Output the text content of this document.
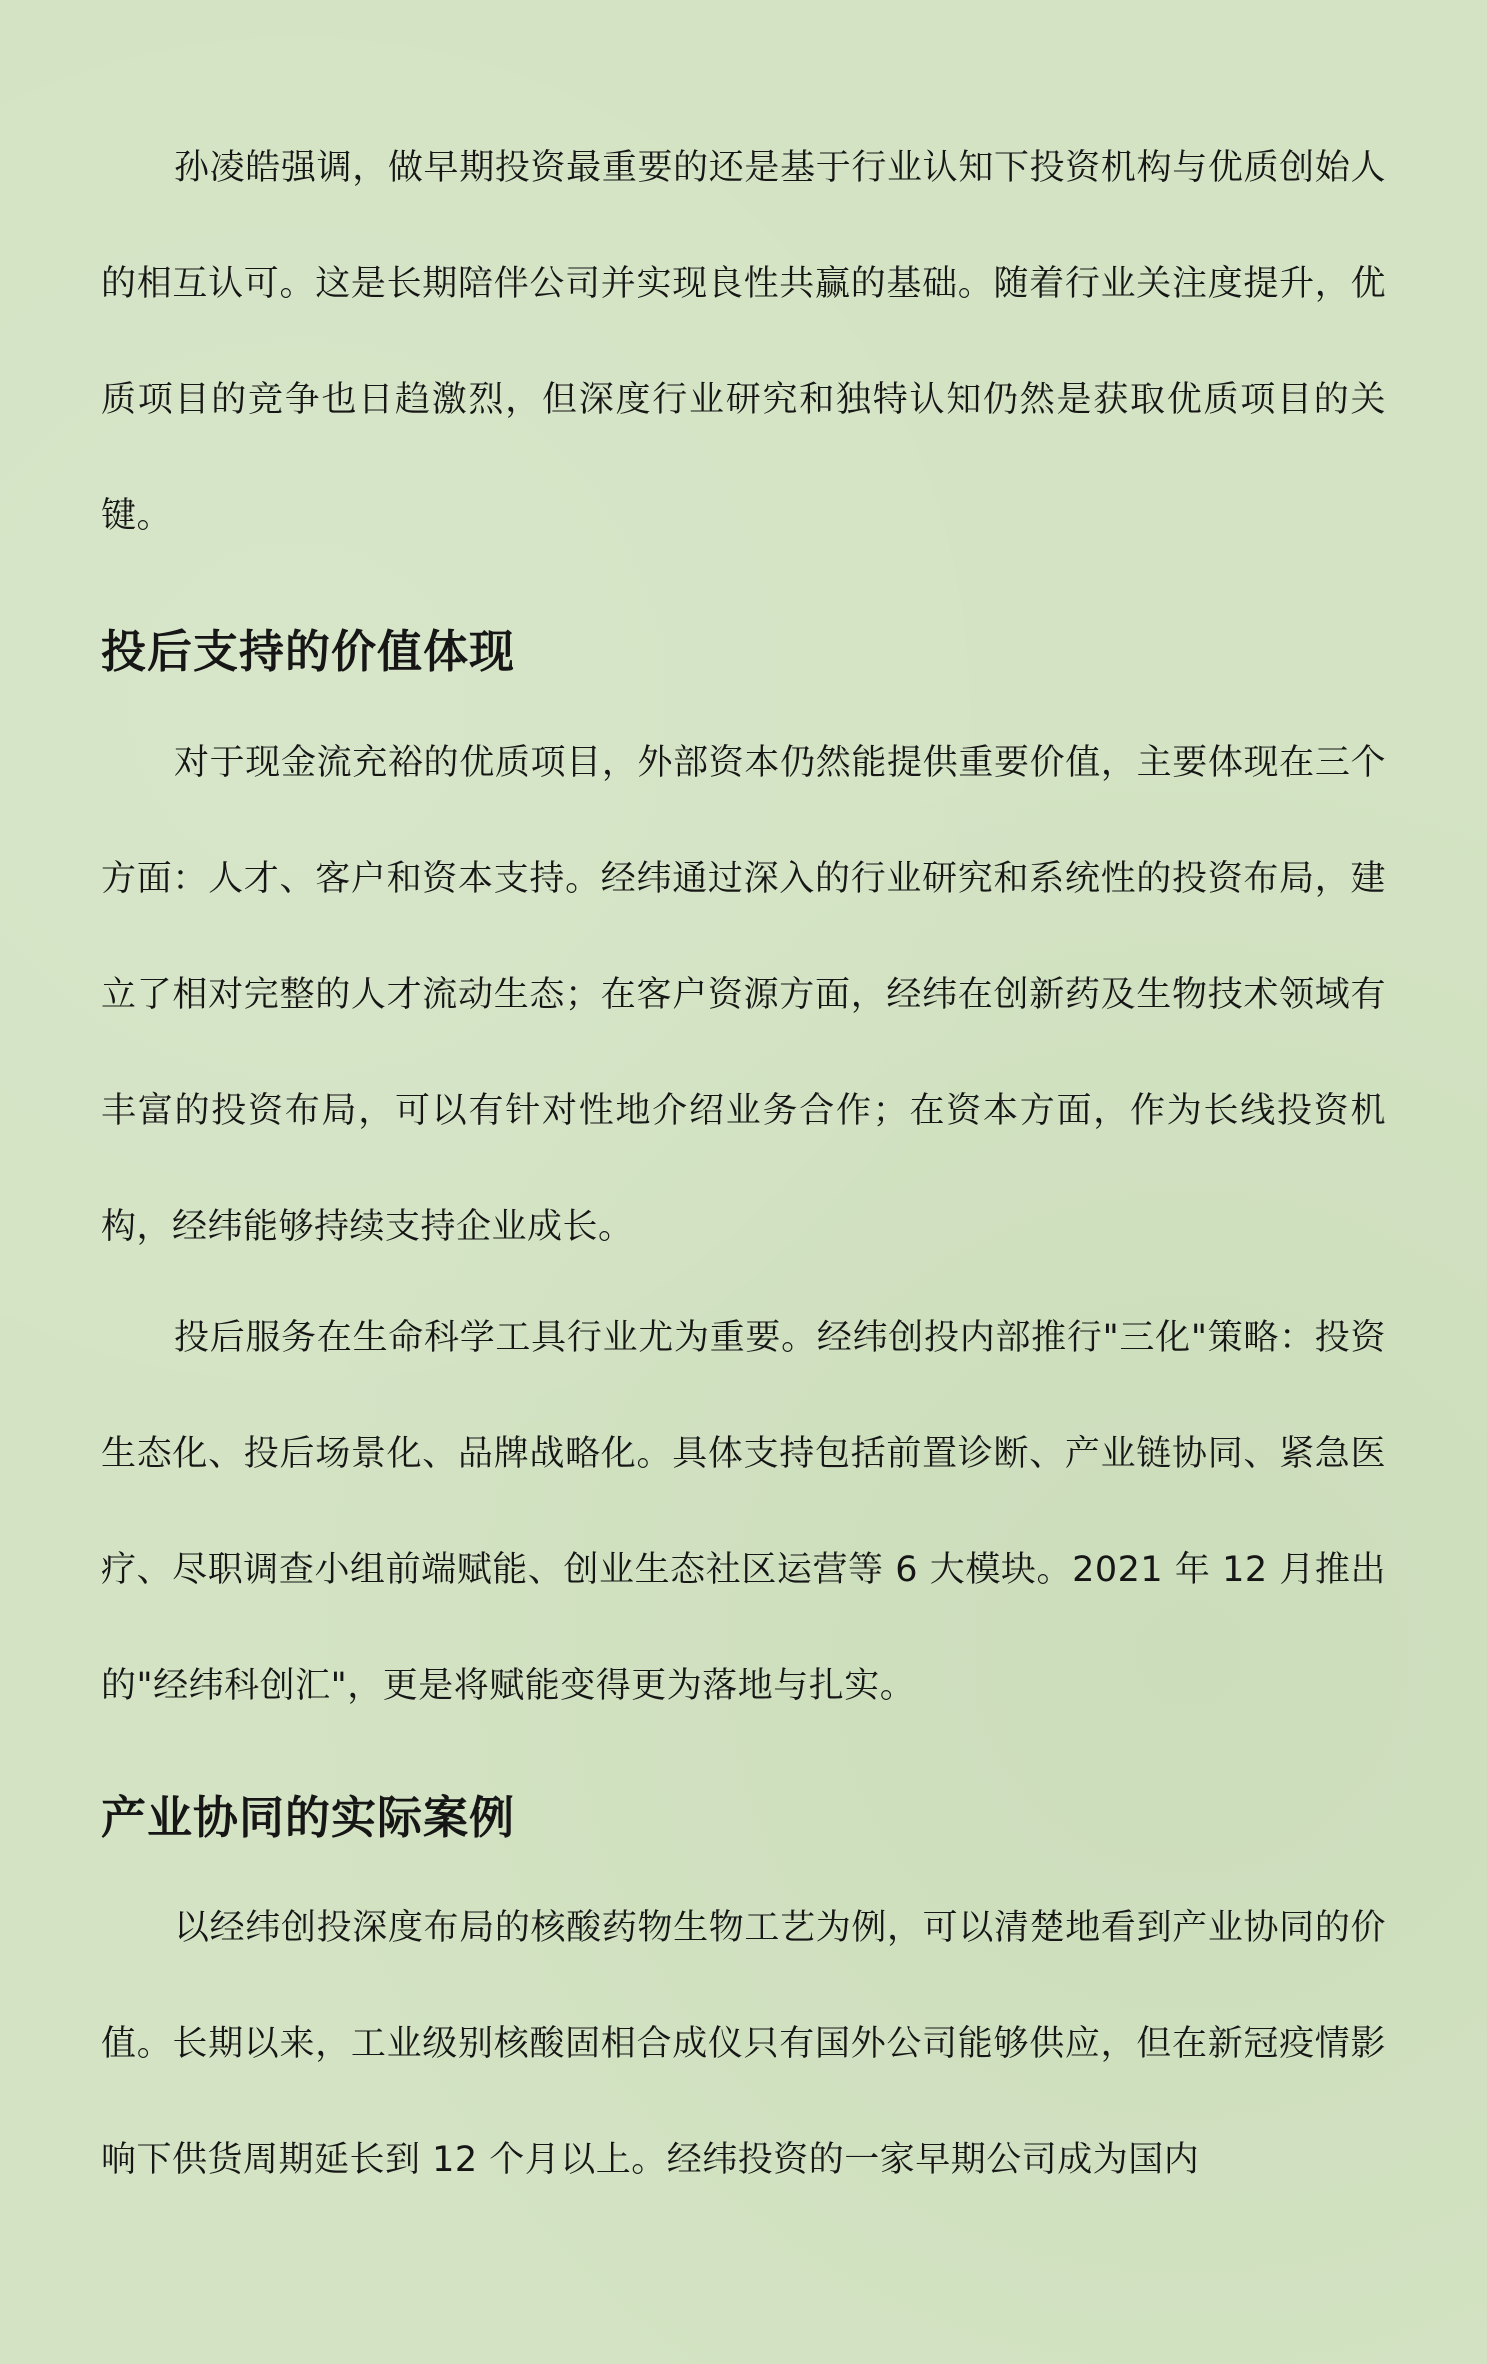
孙凌皓强调，做早期投资最重要的还是基于行业认知下投资机构与优质创始人的相互认可。这是长期陪伴公司并实现良性共赢的基础。随着行业关注度提升，优质项目的竞争也日趋激烈，但深度行业研究和独特认知仍然是获取优质项目的关键。

投后支持的价值体现

对于现金流充裕的优质项目，外部资本仍然能提供重要价值，主要体现在三个方面：人才、客户和资本支持。经纬通过深入的行业研究和系统性的投资布局，建立了相对完整的人才流动生态；在客户资源方面，经纬在创新药及生物技术领域有丰富的投资布局，可以有针对性地介绍业务合作；在资本方面，作为长线投资机构，经纬能够持续支持企业成长。

投后服务在生命科学工具行业尤为重要。经纬创投内部推行"三化"策略：投资生态化、投后场景化、品牌战略化。具体支持包括前置诊断、产业链协同、紧急医疗、尽职调查小组前端赋能、创业生态社区运营等 6 大模块。2021 年 12 月推出的"经纬科创汇"，更是将赋能变得更为落地与扎实。

产业协同的实际案例

以经纬创投深度布局的核酸药物生物工艺为例，可以清楚地看到产业协同的价值。长期以来，工业级别核酸固相合成仪只有国外公司能够供应，但在新冠疫情影响下供货周期延长到 12 个月以上。经纬投资的一家早期公司成为国内
